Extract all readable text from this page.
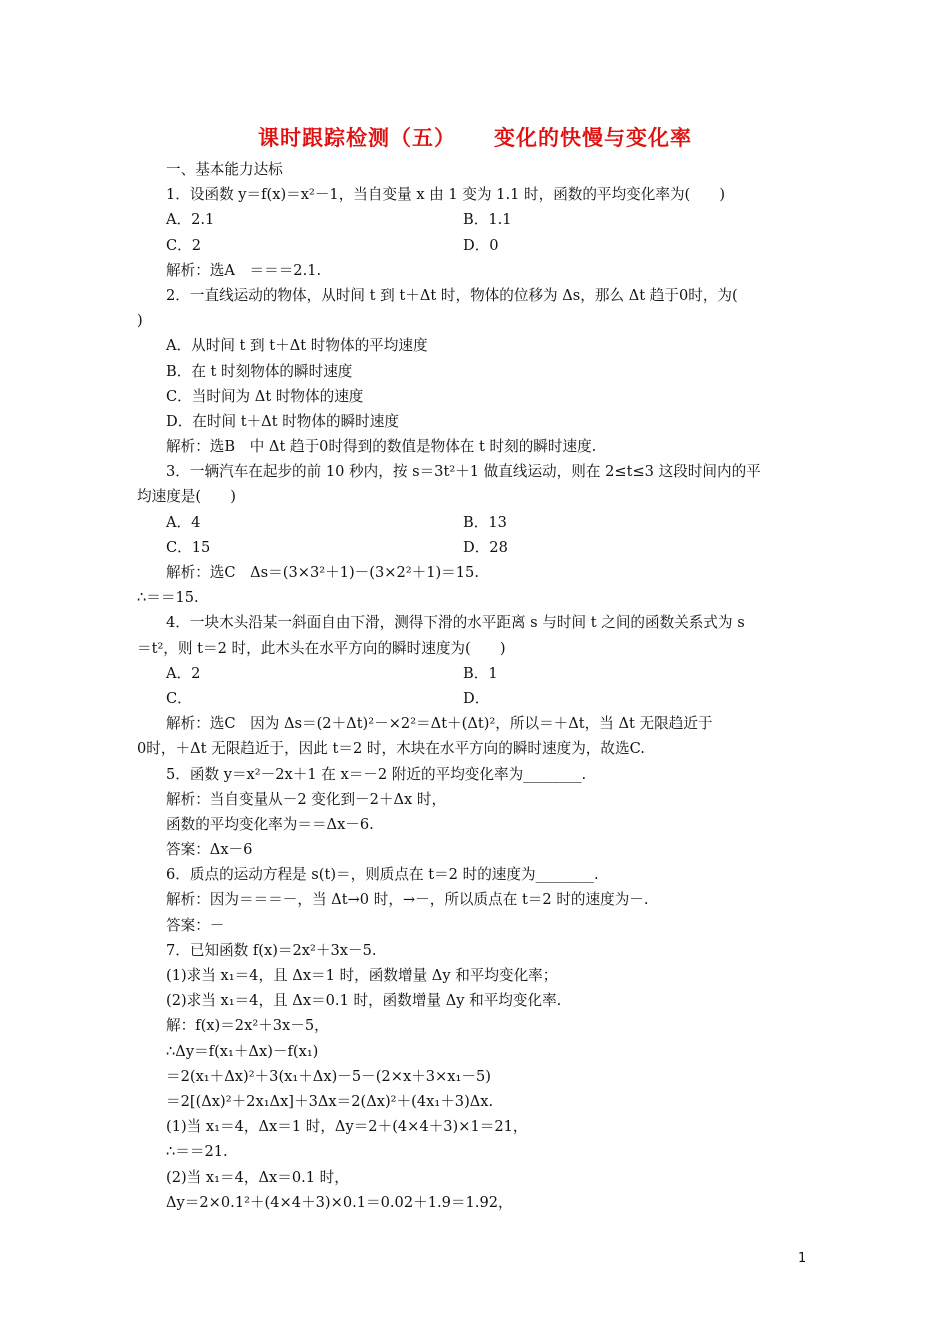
课时跟踪检测（五） 变化的快慢与变化率
一、基本能力达标
1．设函数 y＝f(x)＝x²－1，当自变量 x 由 1 变为 1.1 时，函数的平均变化率为(　　)
A．2.1	B．1.1
C．2	D．0
解析：选A　＝＝＝2.1.
2．一直线运动的物体，从时间 t 到 t＋Δt 时，物体的位移为 Δs，那么 Δt 趋于0时，为(
)
A．从时间 t 到 t＋Δt 时物体的平均速度
B．在 t 时刻物体的瞬时速度
C．当时间为 Δt 时物体的速度
D．在时间 t＋Δt 时物体的瞬时速度
解析：选B　中 Δt 趋于0时得到的数值是物体在 t 时刻的瞬时速度.
3．一辆汽车在起步的前 10 秒内，按 s＝3t²＋1 做直线运动，则在 2≤t≤3 这段时间内的平
均速度是(　　)
A．4	B．13
C．15	D．28
解析：选C　Δs＝(3×3²＋1)－(3×2²＋1)＝15.
∴＝＝15.
4．一块木头沿某一斜面自由下滑，测得下滑的水平距离 s 与时间 t 之间的函数关系式为 s
＝t²，则 t＝2 时，此木头在水平方向的瞬时速度为(　　)
A．2	B．1
C．	D．
解析：选C　因为 Δs＝(2＋Δt)²－×2²＝Δt＋(Δt)²，所以＝＋Δt，当 Δt 无限趋近于
0时，＋Δt 无限趋近于，因此 t＝2 时，木块在水平方向的瞬时速度为，故选C.
5．函数 y＝x²－2x＋1 在 x＝－2 附近的平均变化率为________.
解析：当自变量从－2 变化到－2＋Δx 时，
函数的平均变化率为＝＝Δx－6.
答案：Δx－6
6．质点的运动方程是 s(t)＝，则质点在 t＝2 时的速度为________.
解析：因为＝＝＝－，当 Δt→0 时，→－，所以质点在 t＝2 时的速度为－.
答案：－
7．已知函数 f(x)＝2x²＋3x－5.
(1)求当 x₁＝4，且 Δx＝1 时，函数增量 Δy 和平均变化率；
(2)求当 x₁＝4，且 Δx＝0.1 时，函数增量 Δy 和平均变化率.
解：f(x)＝2x²＋3x－5，
∴Δy＝f(x₁＋Δx)－f(x₁)
＝2(x₁＋Δx)²＋3(x₁＋Δx)－5－(2×x＋3×x₁－5)
＝2[(Δx)²＋2x₁Δx]＋3Δx＝2(Δx)²＋(4x₁＋3)Δx.
(1)当 x₁＝4，Δx＝1 时，Δy＝2＋(4×4＋3)×1＝21，
∴＝＝21.
(2)当 x₁＝4，Δx＝0.1 时，
Δy＝2×0.1²＋(4×4＋3)×0.1＝0.02＋1.9＝1.92，
1
